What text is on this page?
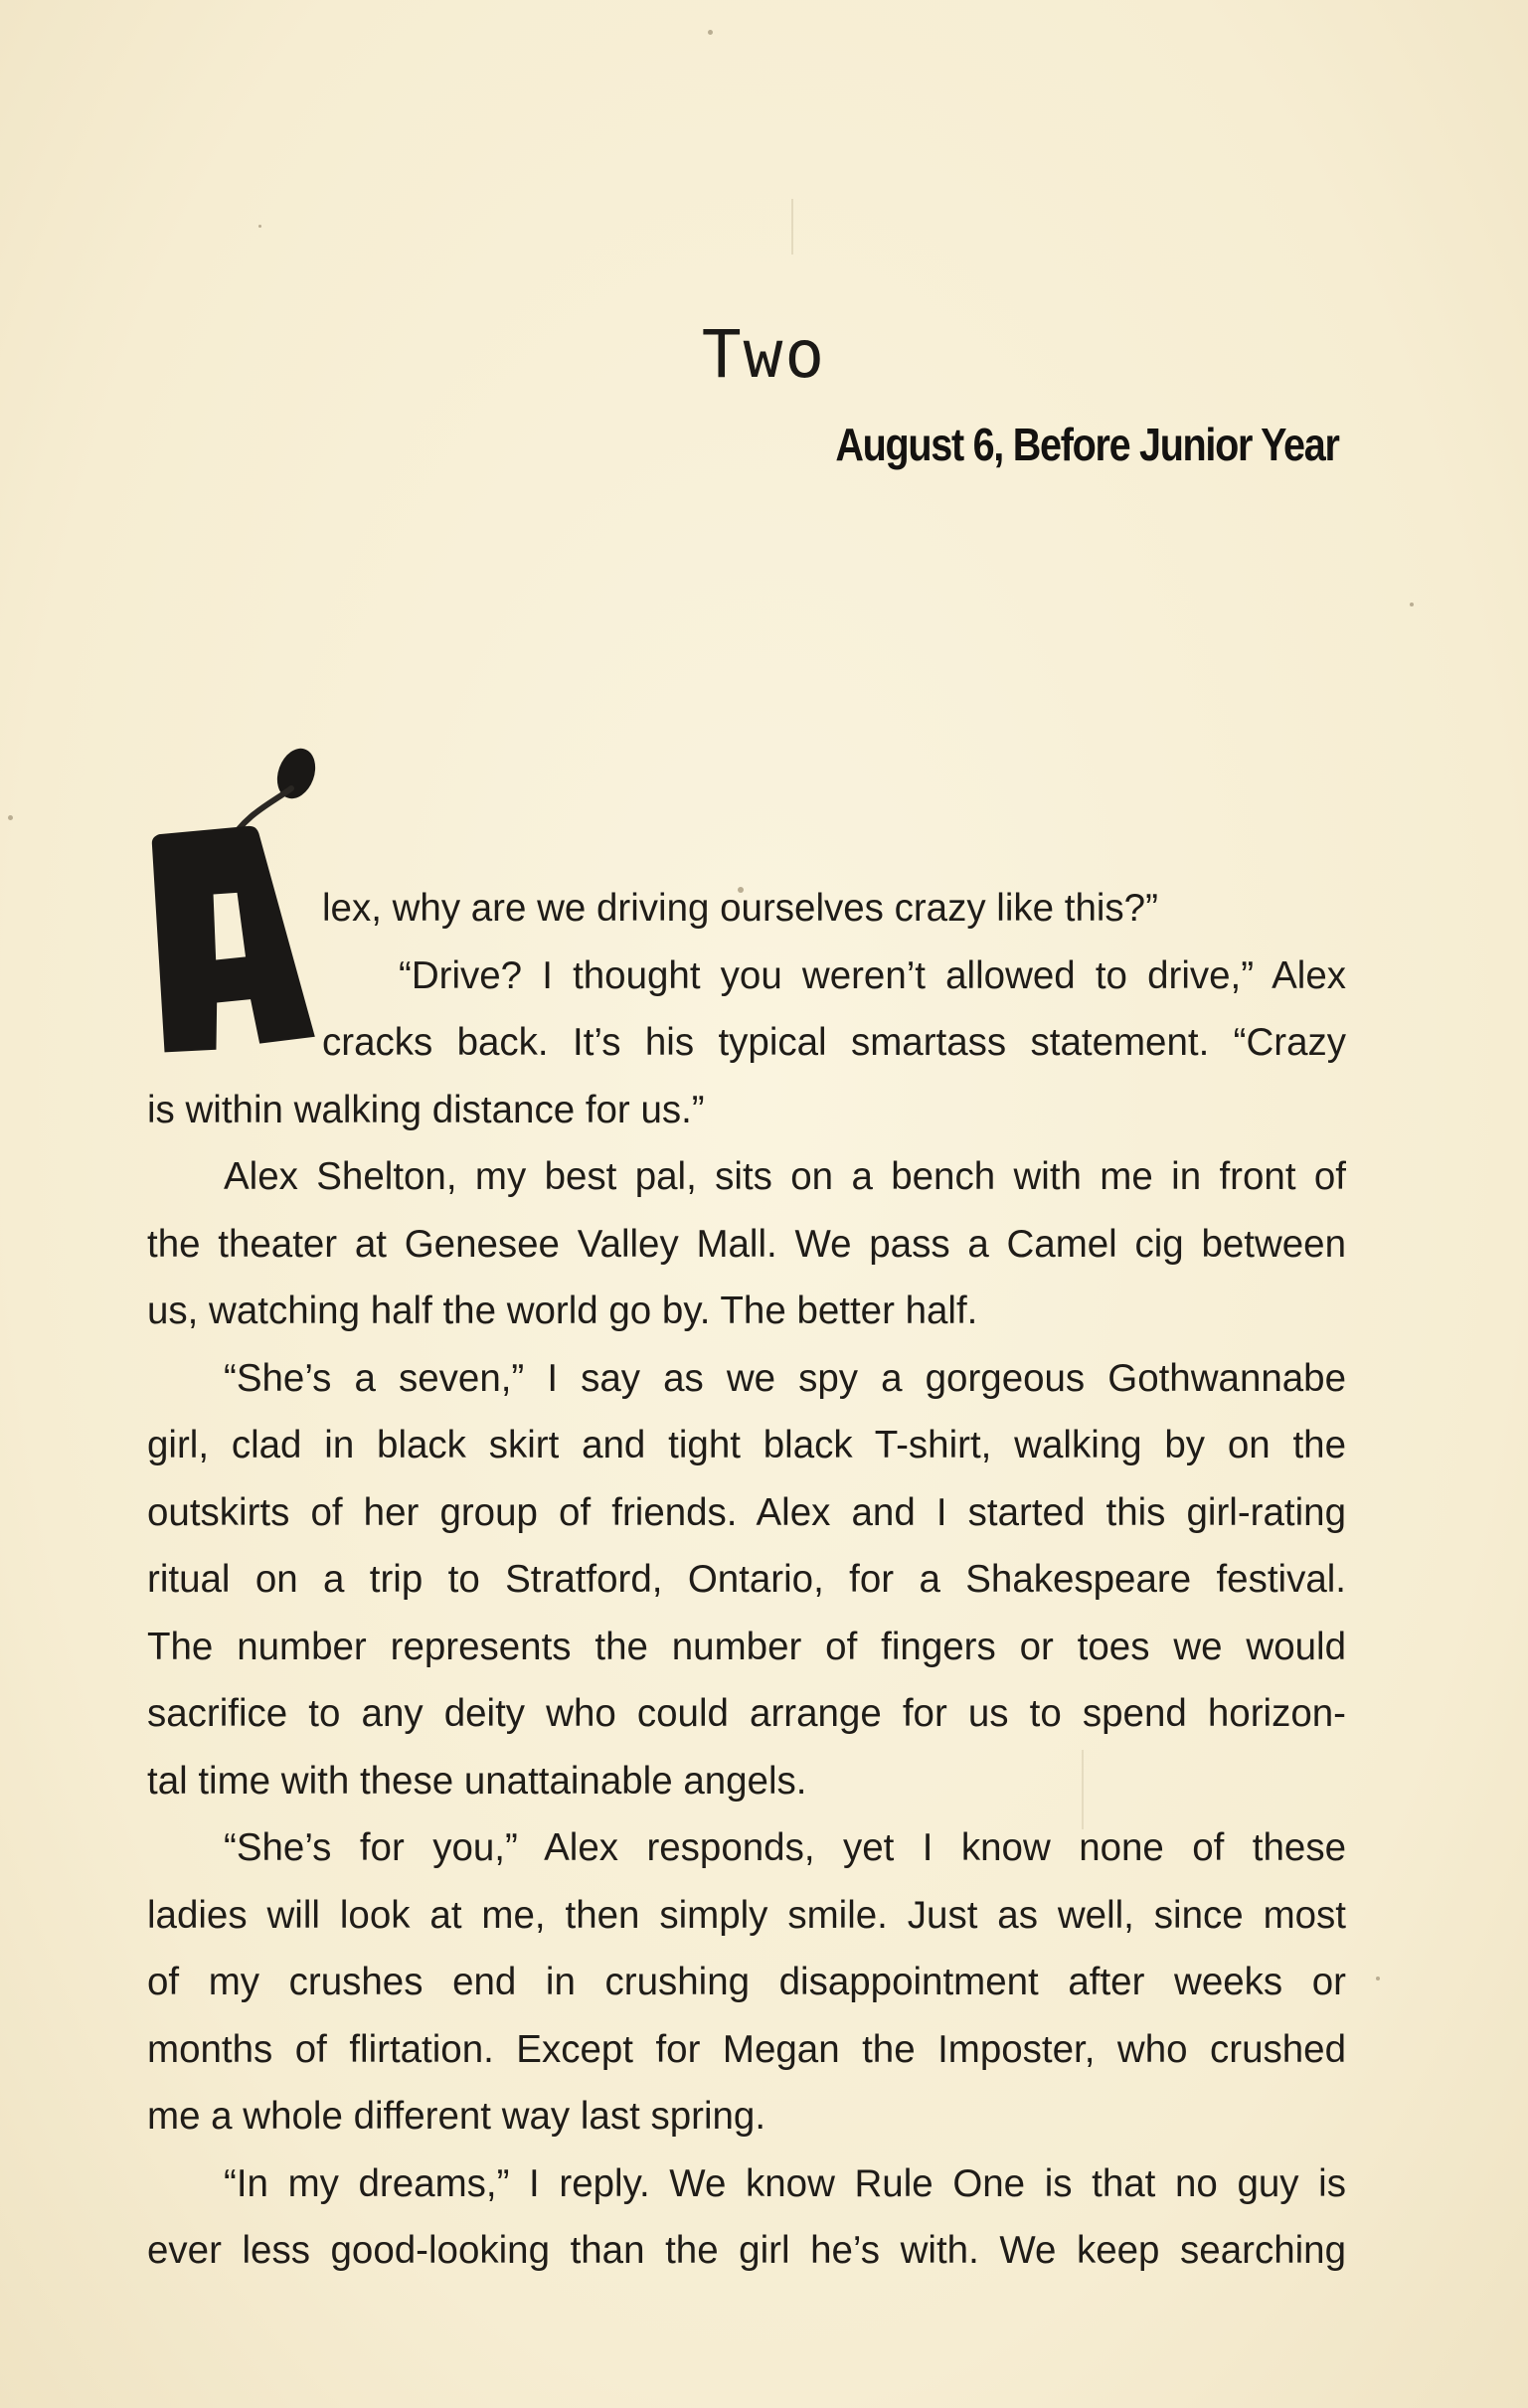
Two
August 6, Before Junior Year
lex, why are we driving ourselves crazy like this?”
“Drive? I thought you weren’t allowed to drive,” Alex
cracks back. It’s his typical smartass statement. “Crazy
is within walking distance for us.”
Alex Shelton, my best pal, sits on a bench with me in front of
the theater at Genesee Valley Mall. We pass a Camel cig between
us, watching half the world go by. The better half.
“She’s a seven,” I say as we spy a gorgeous Gothwannabe
girl, clad in black skirt and tight black T-shirt, walking by on the
outskirts of her group of friends. Alex and I started this girl-rating
ritual on a trip to Stratford, Ontario, for a Shakespeare festival.
The number represents the number of fingers or toes we would
sacrifice to any deity who could arrange for us to spend horizon-
tal time with these unattainable angels.
“She’s for you,” Alex responds, yet I know none of these
ladies will look at me, then simply smile. Just as well, since most
of my crushes end in crushing disappointment after weeks or
months of flirtation. Except for Megan the Imposter, who crushed
me a whole different way last spring.
“In my dreams,” I reply. We know Rule One is that no guy is
ever less good-looking than the girl he’s with. We keep searching
